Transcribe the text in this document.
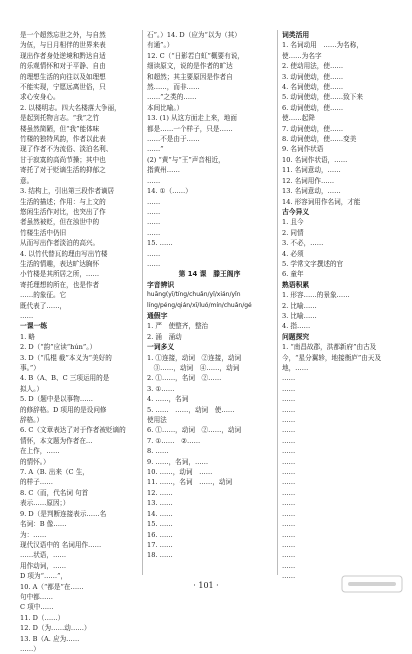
是一个超然忘世之外，与自然

为伍，与日月相伴的世界来表

现出作者身处逆境和黔达自适

的乐观情怀和对于平静、自由

的理想生活的向往以及如理想

不能实现，宁愿远离世俗，只

求心安身心。

2. 以楼明志。四大名楼落大争丽，

是起到托物言志。“我”之竹

楼虽然简陋，但“我”能体味

竹楼的独特风韵，作者以此表

现了作者不为流俗、淡泊名利、

甘于寂寞的高尚节操；其中也

寄托了对于贬谪生活的抑郁之

意。

3. 结构上，引出第三段作者谪居

生活的描述；作用：与上文的

悠闲生活作对比，也突出了作

者虽然被贬，但在浊世中的

竹楼生活中仍旧

从而写出作者淡泊的高兴。

4. 以竹代替瓦的理由写出竹楼

生活的情趣，表达旷达胸怀

小竹楼是其所居之所，……

寄托理想的所在，也是作者

……的象征。它

既代表了……，

……

一课一练

1. 略

2. D（“韵”应读“hún”。）

3. D（“瓜棍 截”本义为“美好的

事。”）

4. B（A、B、C 三项运用的是

拟人。）

5. D（题中是以事物……

的修辞格。D 项用的是设问修

辞格。）

6. C（文章表达了对于作者被贬谪的

情怀，本文题为作者在…

在上作，……

的情怀。）

7. A（B. 出来（C 生，

的样子……

8. C（而，代名词 句首

表示……原因；）

9. D（是判断连接表示……名

名词：B 像……

为：……

现代汉语中的 名词用作……

……状语，……

用作动词，……

D 项为“……”，

10. A（“都是”在……

句中都……

C 项中……

11. D（……）

12. D（为……动……）

13. B（A. 应为……

……）

石”。）14. D（应为“以为（其）

有通”。）

12. C（“日影若白虹”概要有说，

细读原文，说的是作者的旷达

和超然；其主要原因是作者自

然……，而非……

……”之类的……

本间比喻。）

13. (1) 从这方面走上来，地面

都是……一个样子，只是……

……不是由于……

……”

(2) “黄”与“王”声音相近，

指黄州……

……

14. ①（……）

……

……

……

……

15. ……

……

……

第 14 课　滕王阁序

字音辨识

huāng(yī/tíng/chuǎn/yǐ/xián/yǐn

líng/péng/qián/xī/luó/mín/chuǎn/gé

通假字

1. 严　使整齐，整治

2. 涌　涌动

一词多义

1. ①连接，动词　②连接，动词

　③……，动词　④……，动词

2. ①……，名词　②……

3. ①……

4. ……，名词

5. ……　……，动词　使……

使用法

6. ①……，动词　②……，动词

7. ①……　②……

8. ……

9. ……，名词，……

10. ……，动词　……

11. ……，名词　……，动词

12. ……

13. ……

14. ……

15. ……

16. ……

17. ……

18. ……

词类活用

1. 名词动用　……为名称，

使……为名字

2. 使动用法，使……

3. 动词使动，使……

4. 名词使动，使……

5. 动词使动，使……致下来

6. 动词使动，使……

使……起降

7. 动词使动，使……

8. 动词使动，使……变美

9. 名词作状语

10. 名词作状语，……

11. 名词意动，……

12. 名词用作……

13. 名词意动，……

14. 形容词用作名词，才能

古今异义

1. 且今

2. 同情

3. 不必，……

4. 必须

5. 学常文字撰述的官

6. 童年

熟语积累

1. 形容……的景象……

2. 比喻……

3. 比喻……

4. 指……

问题探究

1. “南昌故郡，洪都新府”由古及

今，“星分翼轸，地接衡庐”由天及

地，……

……

……

……

……

……

……

……

……

……

……

……

……

……

……

……

……

……

……

……

……

· 101 ·
